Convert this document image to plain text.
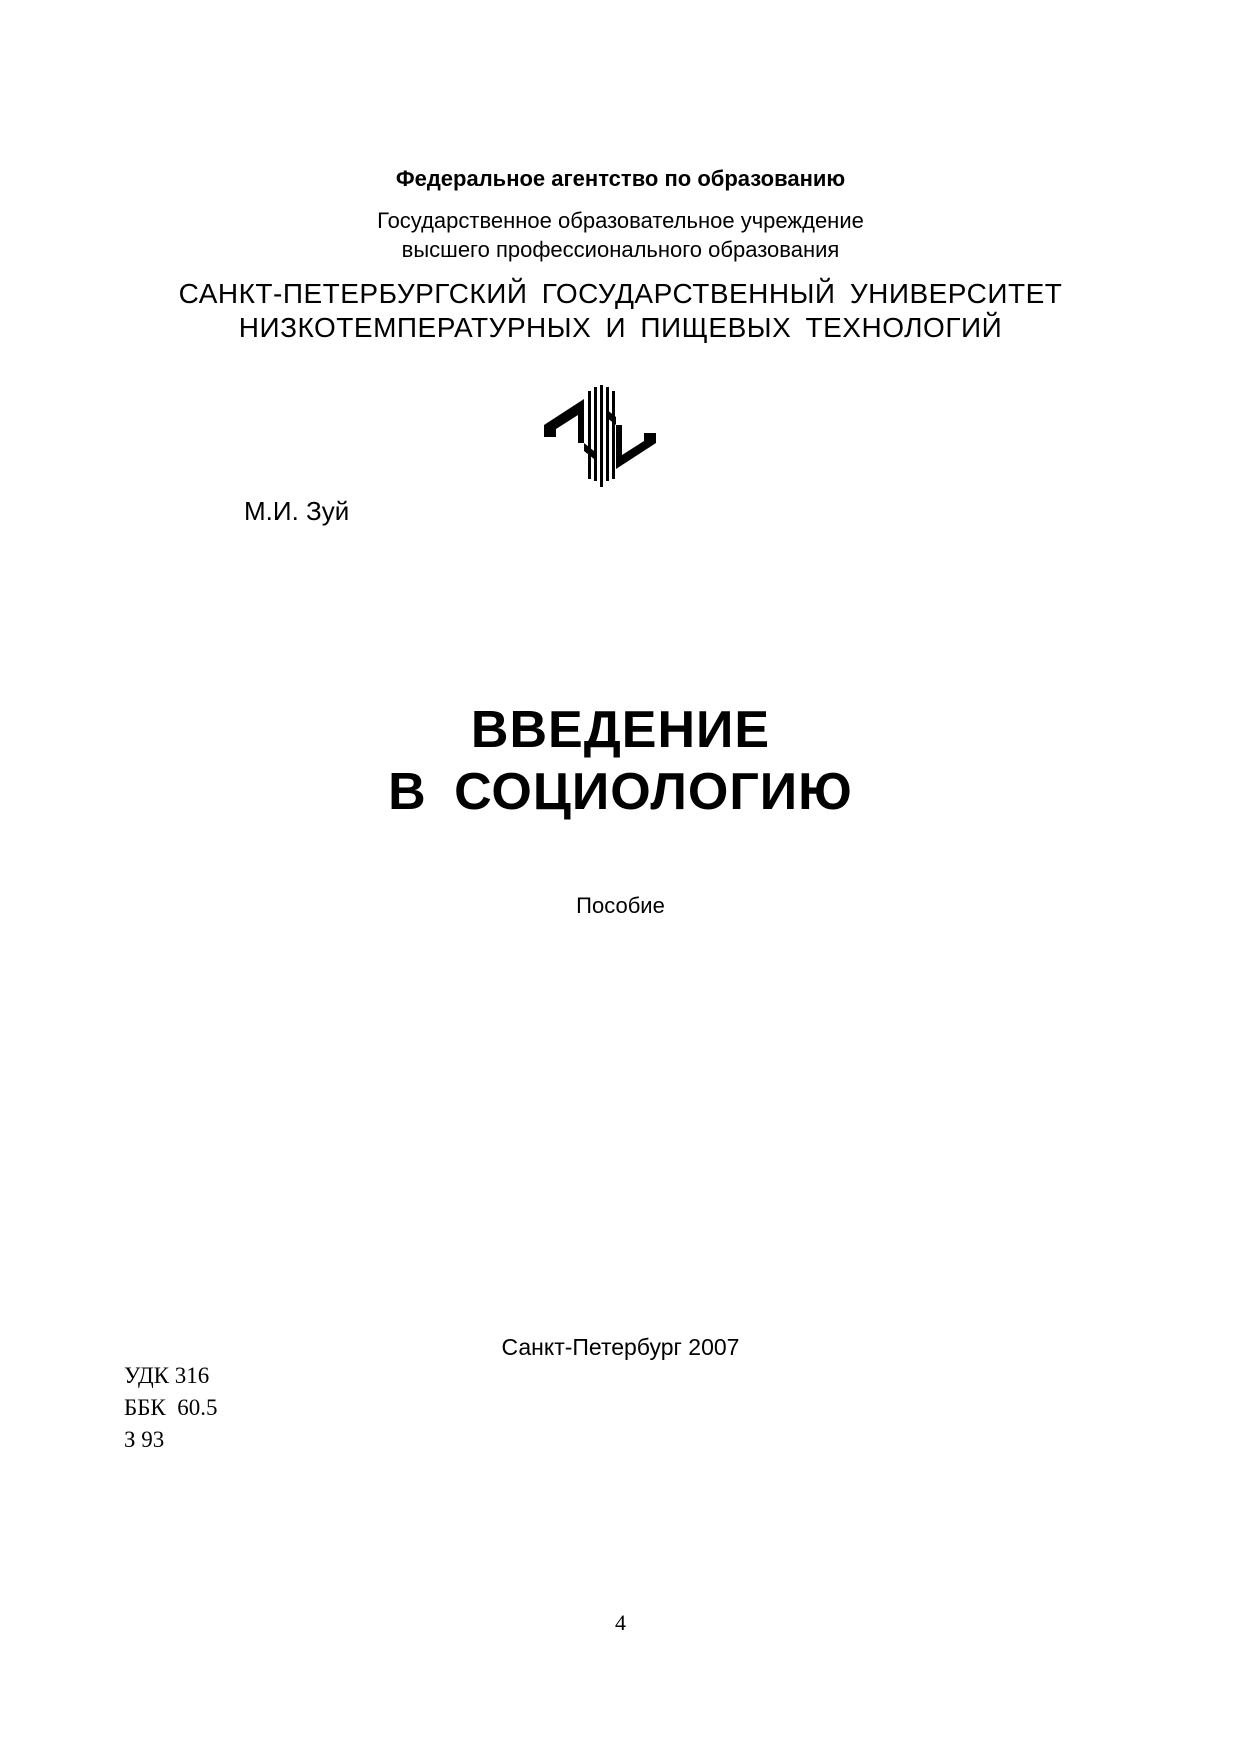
Федеральное агентство по образованию
Государственное образовательное учреждение
высшего профессионального образования
САНКТ-ПЕТЕРБУРГСКИЙ ГОСУДАРСТВЕННЫЙ УНИВЕРСИТЕТ
НИЗКОТЕМПЕРАТУРНЫХ И ПИЩЕВЫХ ТЕХНОЛОГИЙ
М.И. Зуй
ВВЕДЕНИЕ
В СОЦИОЛОГИЮ
Пособие
Санкт-Петербург 2007
УДК 316
ББК  60.5
З 93
4
